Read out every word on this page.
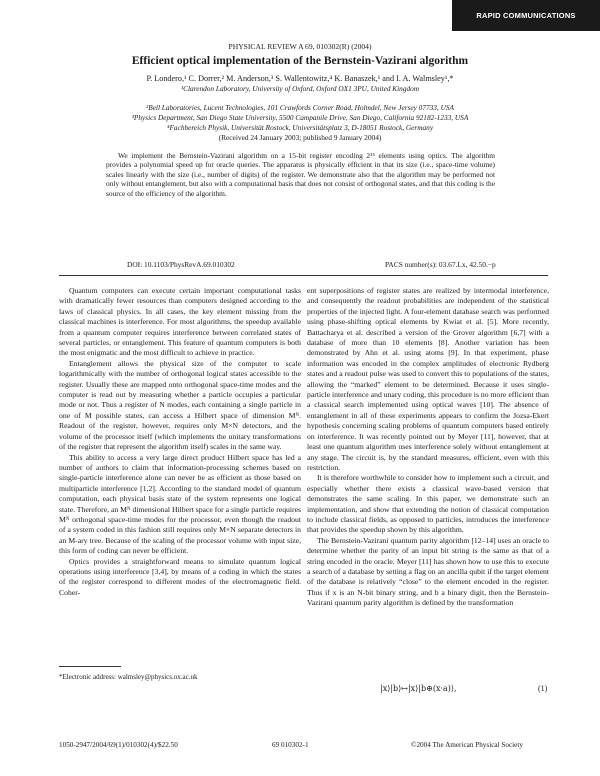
RAPID COMMUNICATIONS
PHYSICAL REVIEW A 69, 010302(R) (2004)
Efficient optical implementation of the Bernstein-Vazirani algorithm
P. Londero,¹ C. Dorrer,² M. Anderson,³ S. Wallentowitz,⁴ K. Banaszek,¹ and I. A. Walmsley¹,*
¹Clarendon Laboratory, University of Oxford, Oxford OX1 3PU, United Kingdom
²Bell Laboratories, Lucent Technologies, 101 Crawfords Corner Road, Holmdel, New Jersey 07733, USA
³Physics Department, San Diego State University, 5500 Campanile Drive, San Diego, California 92182-1233, USA
⁴Fachbereich Physik, Universität Rostock, Universitätsplatz 3, D-18051 Rostock, Germany
(Received 24 January 2003; published 9 January 2004)
We implement the Bernstein-Vazirani algorithm on a 15-bit register encoding 2¹⁵ elements using optics. The algorithm provides a polynomial speed up for oracle queries. The apparatus is physically efficient in that its size (i.e., space-time volume) scales linearly with the size (i.e., number of digits) of the register. We demonstrate also that the algorithm may be performed not only without entanglement, but also with a computational basis that does not consist of orthogonal states, and that this coding is the source of the efficiency of the algorithm.
DOI: 10.1103/PhysRevA.69.010302	PACS number(s): 03.67.Lx, 42.50.−p

Quantum computers can execute certain important computational tasks with dramatically fewer resources than computers designed according to the laws of classical physics. In all cases, the key element missing from the classical machines is interference. For most algorithms, the speedup available from a quantum computer requires interference between correlated states of several particles, or entanglement. This feature of quantum computers is both the most enigmatic and the most difficult to achieve in practice.

Entanglement allows the physical size of the computer to scale logarithmically with the number of orthogonal logical states accessible to the register. Usually these are mapped onto orthogonal space-time modes and the computer is read out by measuring whether a particle occupies a particular mode or not. Thus a register of N modes, each containing a single particle in one of M possible states, can access a Hilbert space of dimension Mᴺ. Readout of the register, however, requires only M×N detectors, and the volume of the processor itself (which implements the unitary transformations of the register that represent the algorithm itself) scales in the same way.

This ability to access a very large direct product Hilbert space has led a number of authors to claim that information-processing schemes based on single-particle interference alone can never be as efficient as those based on multiparticle interference [1,2]. According to the standard model of quantum computation, each physical basis state of the system represents one logical state. Therefore, an Mᴺ dimensional Hilbert space for a single particle requires Mᴺ orthogonal space-time modes for the processor, even though the readout of a system coded in this fashion still requires only M×N separate detectors in an M-ary tree. Because of the scaling of the processor volume with input size, this form of coding can never be efficient.

Optics provides a straightforward means to simulate quantum logical operations using interference [3,4], by means of a coding in which the states of the register correspond to different modes of the electromagnetic field. Coher-

ent superpositions of register states are realized by intermodal interference, and consequently the readout probabilities are independent of the statistical properties of the injected light. A four-element database search was performed using phase-shifting optical elements by Kwiat et al. [5]. More recently, Battacharya et al. described a version of the Grover algorithm [6,7] with a database of more than 10 elements [8]. Another variation has been demonstrated by Ahn et al. using atoms [9]. In that experiment, phase information was encoded in the complex amplitudes of electronic Rydberg states and a readout pulse was used to convert this to populations of the states, allowing the “marked” element to be determined. Because it uses single-particle interference and unary coding, this procedure is no more efficient than a classical search implemented using optical waves [10]. The absence of entanglement in all of these experiments appears to confirm the Jozsa-Ekert hypothesis concerning scaling problems of quantum computers based entirely on interference. It was recently pointed out by Meyer [11], however, that at least one quantum algorithm uses interference solely without entanglement at any stage. The circuit is, by the standard measures, efficient, even with this restriction.

It is therefore worthwhile to consider how to implement such a circuit, and especially whether there exists a classical wave-based version that demonstrates the same scaling. In this paper, we demonstrate such an implementation, and show that extending the notion of classical computation to include classical fields, as opposed to particles, introduces the interference that provides the speedup shown by this algorithm.

The Bernstein-Vazirani quantum parity algorithm [12–14] uses an oracle to determine whether the parity of an input bit string is the same as that of a string encoded in the oracle. Meyer [11] has shown how to use this to execute a search of a database by setting a flag on an ancilla qubit if the target element of the database is relatively “close” to the element encoded in the register. Thus if x is an N-bit binary string, and b a binary digit, then the Bernstein-Vazirani quantum parity algorithm is defined by the transformation

*Electronic address: walmsley@physics.ox.ac.uk
|x⟩|b⟩↦|x⟩|b⊕(x·a)⟩,	(1)
1050-2947/2004/69(1)/010302(4)/$22.50	69 010302-1	©2004 The American Physical Society
